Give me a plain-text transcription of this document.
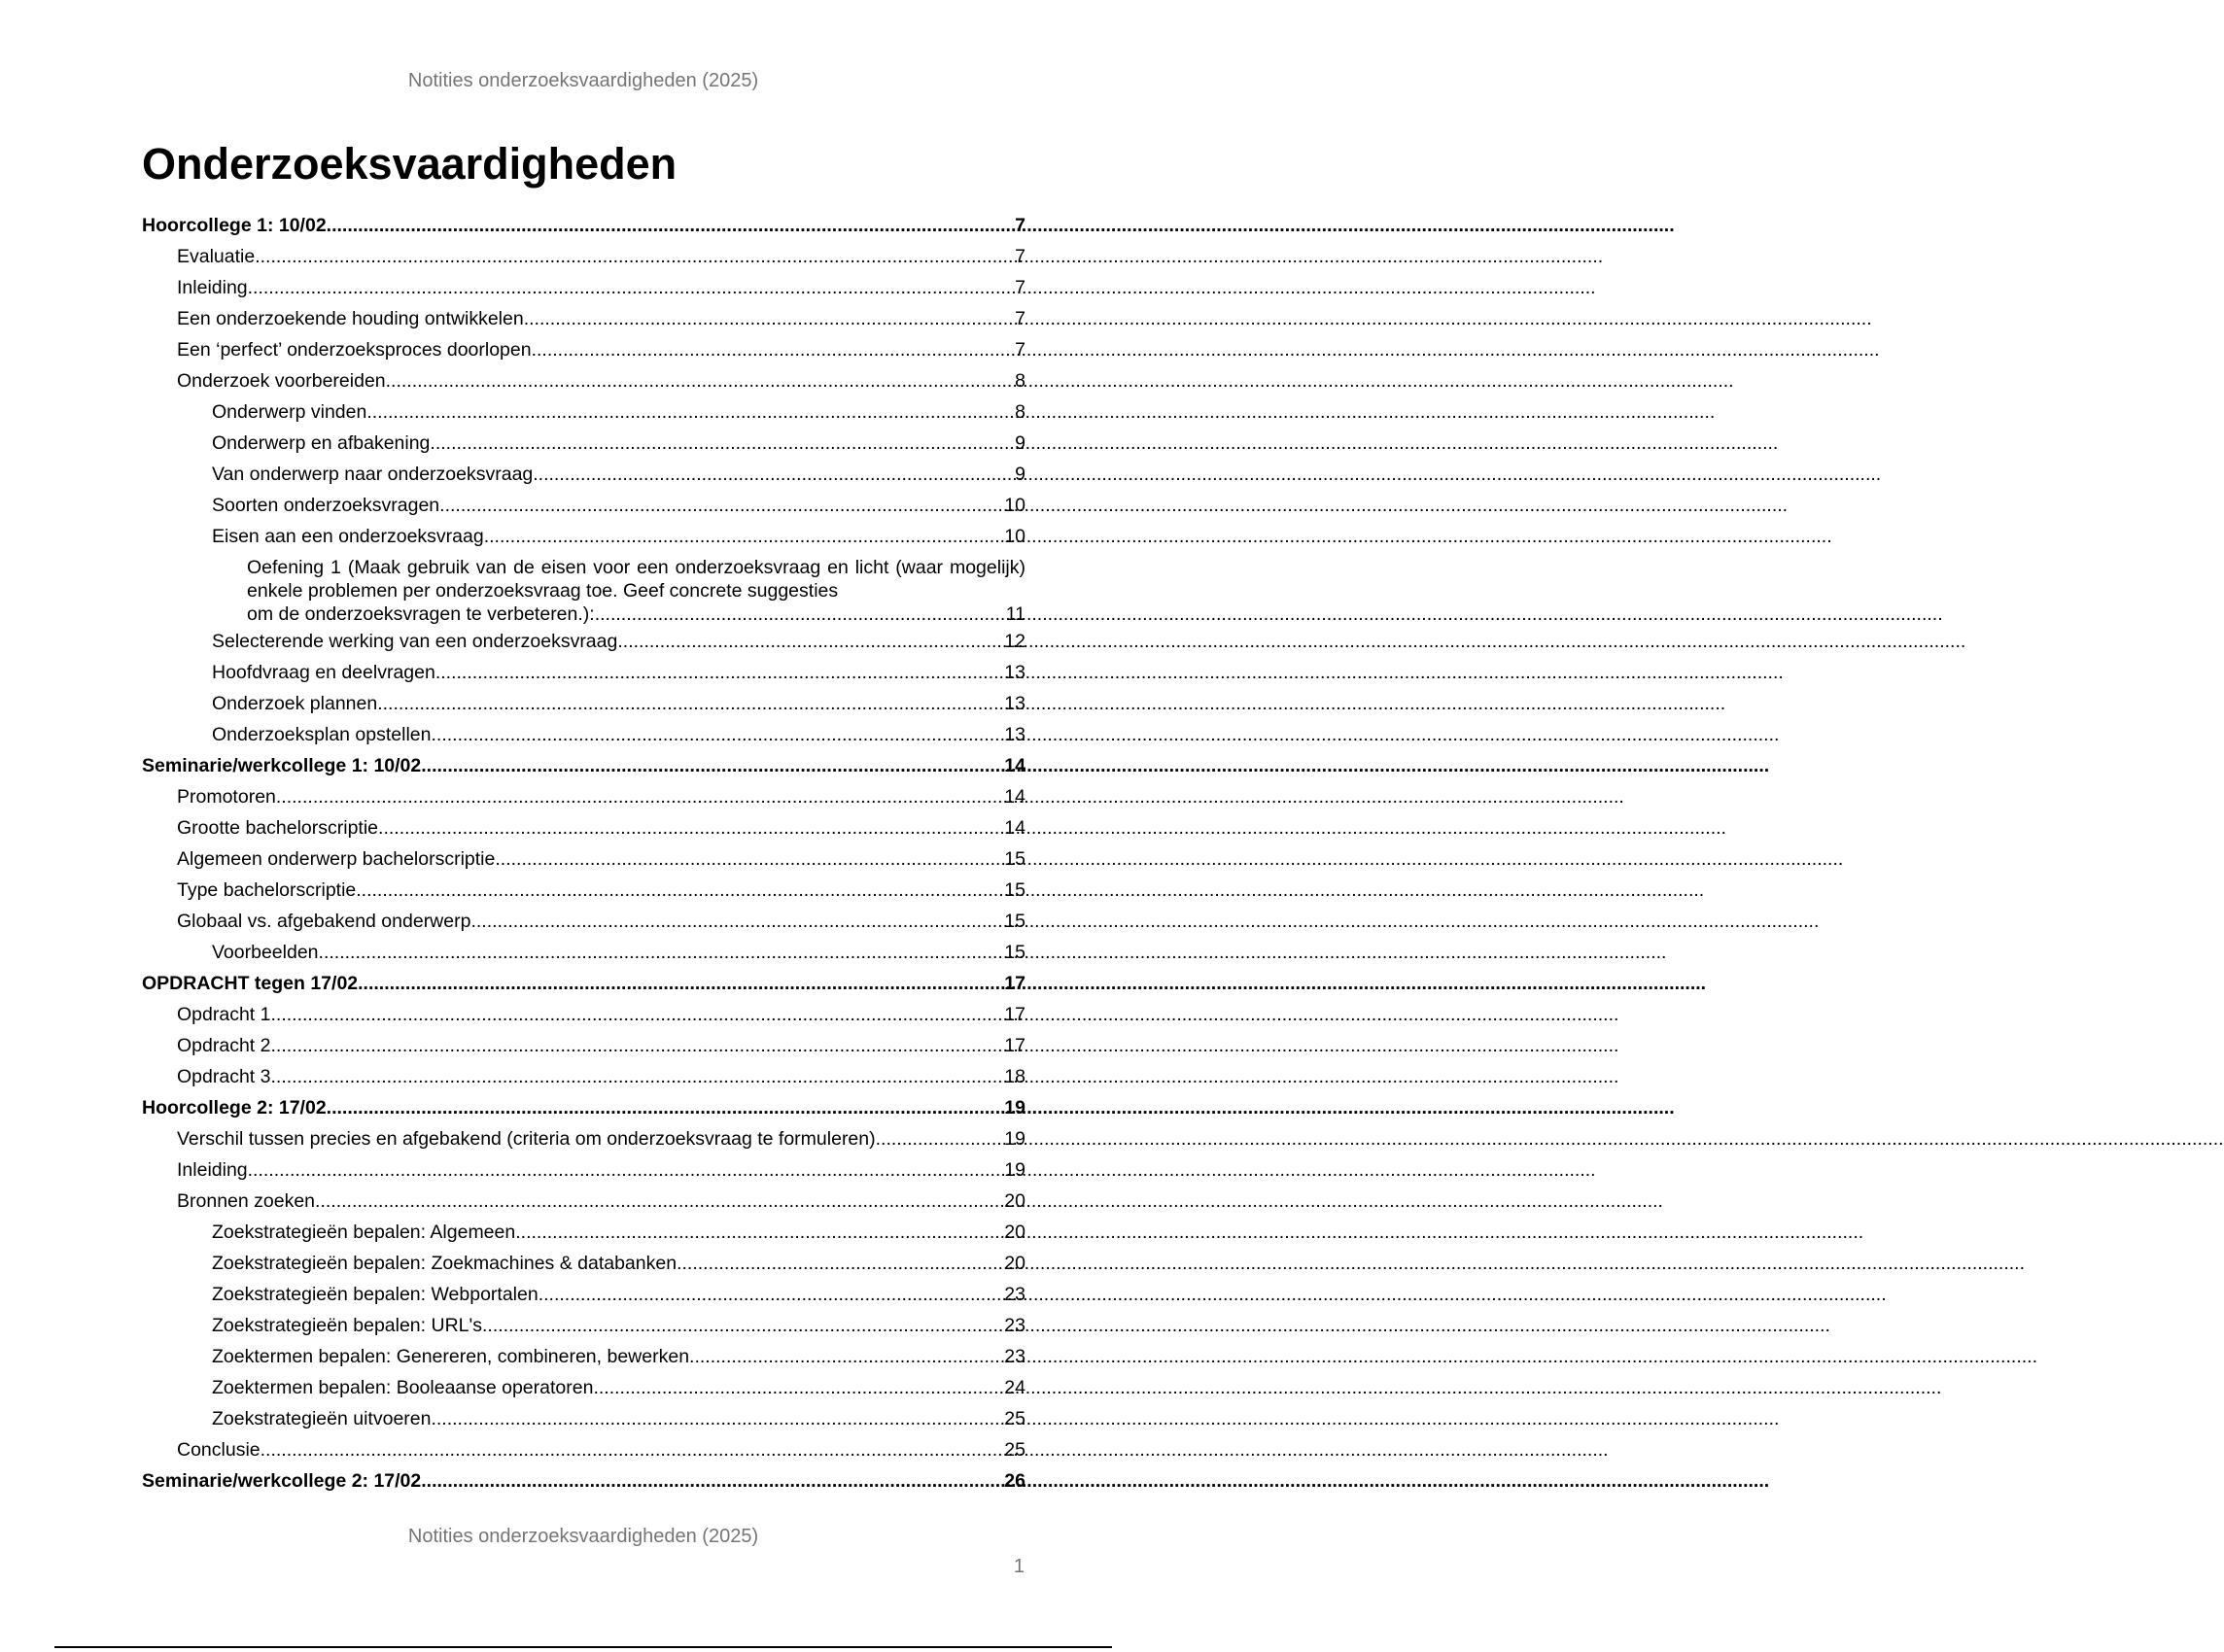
Notities onderzoeksvaardigheden (2025)
Onderzoeksvaardigheden
Hoorcollege 1: 10/02 .....	7
Evaluatie .....	7
Inleiding .....	7
Een onderzoekende houding ontwikkelen .....	7
Een ‘perfect’ onderzoeksproces doorlopen .....	7
Onderzoek voorbereiden .....	8
Onderwerp vinden .....	8
Onderwerp en afbakening .....	9
Van onderwerp naar onderzoeksvraag .....	9
Soorten onderzoeksvragen .....	10
Eisen aan een onderzoeksvraag .....	10
Oefening 1 (Maak gebruik van de eisen voor een onderzoeksvraag en licht (waar mogelijk) enkele problemen per onderzoeksvraag toe. Geef concrete suggesties
om de onderzoeksvragen te verbeteren.): .....	11
Selecterende werking van een onderzoeksvraag .....	12
Hoofdvraag en deelvragen .....	13
Onderzoek plannen .....	13
Onderzoeksplan opstellen .....	13
Seminarie/werkcollege 1: 10/02 .....	14
Promotoren .....	14
Grootte bachelorscriptie .....	14
Algemeen onderwerp bachelorscriptie .....	15
Type bachelorscriptie .....	15
Globaal vs. afgebakend onderwerp .....	15
Voorbeelden .....	15
OPDRACHT tegen 17/02 .....	17
Opdracht 1 .....	17
Opdracht 2 .....	17
Opdracht 3 .....	18
Hoorcollege 2: 17/02 .....	19
Verschil tussen precies en afgebakend (criteria om onderzoeksvraag te formuleren) .....	19
Inleiding .....	19
Bronnen zoeken .....	20
Zoekstrategieën bepalen: Algemeen .....	20
Zoekstrategieën bepalen: Zoekmachines & databanken .....	20
Zoekstrategieën bepalen: Webportalen .....	23
Zoekstrategieën bepalen: URL's .....	23
Zoektermen bepalen: Genereren, combineren, bewerken .....	23
Zoektermen bepalen: Booleaanse operatoren .....	24
Zoekstrategieën uitvoeren .....	25
Conclusie .....	25
Seminarie/werkcollege 2: 17/02 .....	26
Notities onderzoeksvaardigheden (2025)
1
